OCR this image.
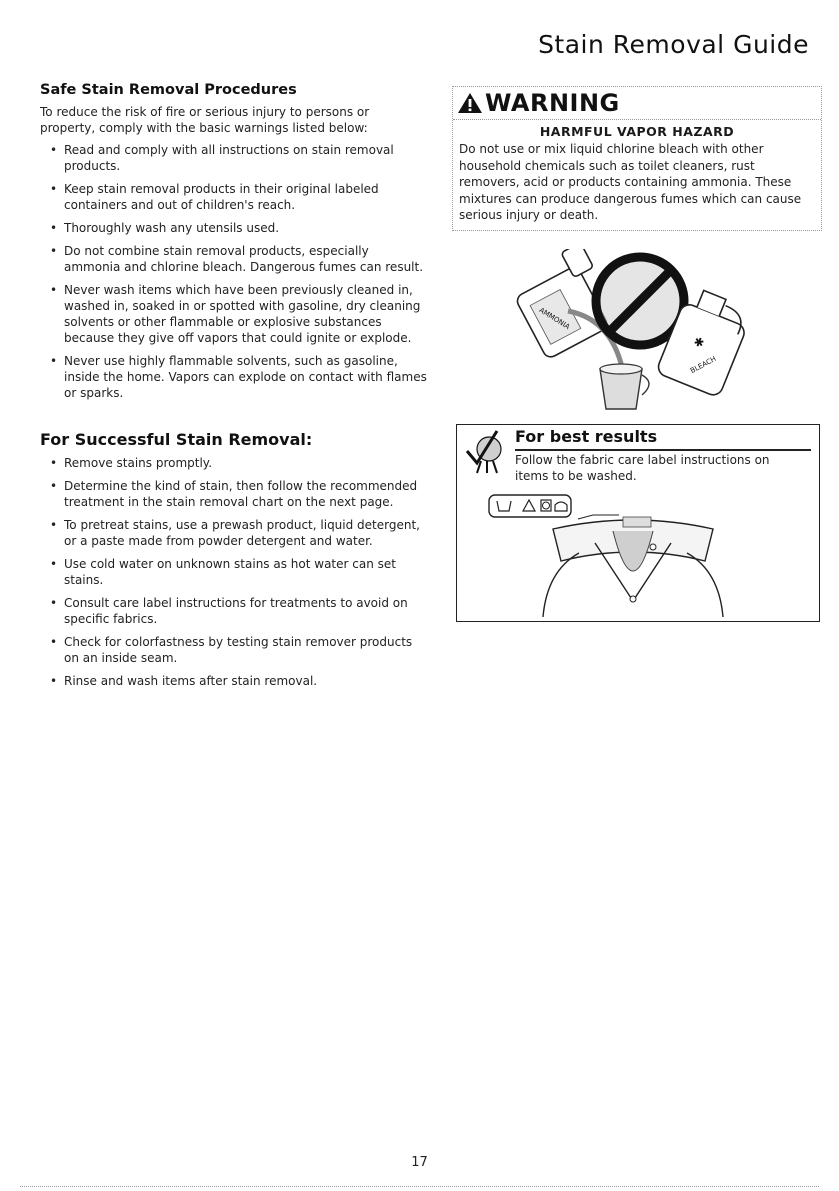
Stain Removal Guide
Safe Stain Removal Procedures

To reduce the risk of fire or serious injury to persons or property, comply with the basic warnings listed below:

• Read and comply with all instructions on stain removal products.
• Keep stain removal products in their original labeled containers and out of children's reach.
• Thoroughly wash any utensils used.
• Do not combine stain removal products, especially ammonia and chlorine bleach. Dangerous fumes can result.
• Never wash items which have been previously cleaned in, washed in, soaked in or spotted with gasoline, dry cleaning solvents or other flammable or explosive substances because they give off vapors that could ignite or explode.
• Never use highly flammable solvents, such as gasoline, inside the home. Vapors can explode on contact with flames or sparks.
For Successful Stain Removal:
• Remove stains promptly.
• Determine the kind of stain, then follow the recommended treatment in the stain removal chart on the next page.
• To pretreat stains, use a prewash product, liquid detergent, or a paste made from powder detergent and water.
• Use cold water on unknown stains as hot water can set stains.
• Consult care label instructions for treatments to avoid on specific fabrics.
• Check for colorfastness by testing stain remover products on an inside seam.
• Rinse and wash items after stain removal.
WARNING
HARMFUL VAPOR HAZARD
Do not use or mix liquid chlorine bleach with other household chemicals such as toilet cleaners, rust removers, acid or products containing ammonia. These mixtures can produce dangerous fumes which can cause serious injury or death.
AMMONIA
✱
BLEACH
For best results
Follow the fabric care label instructions on items to be washed.
17
